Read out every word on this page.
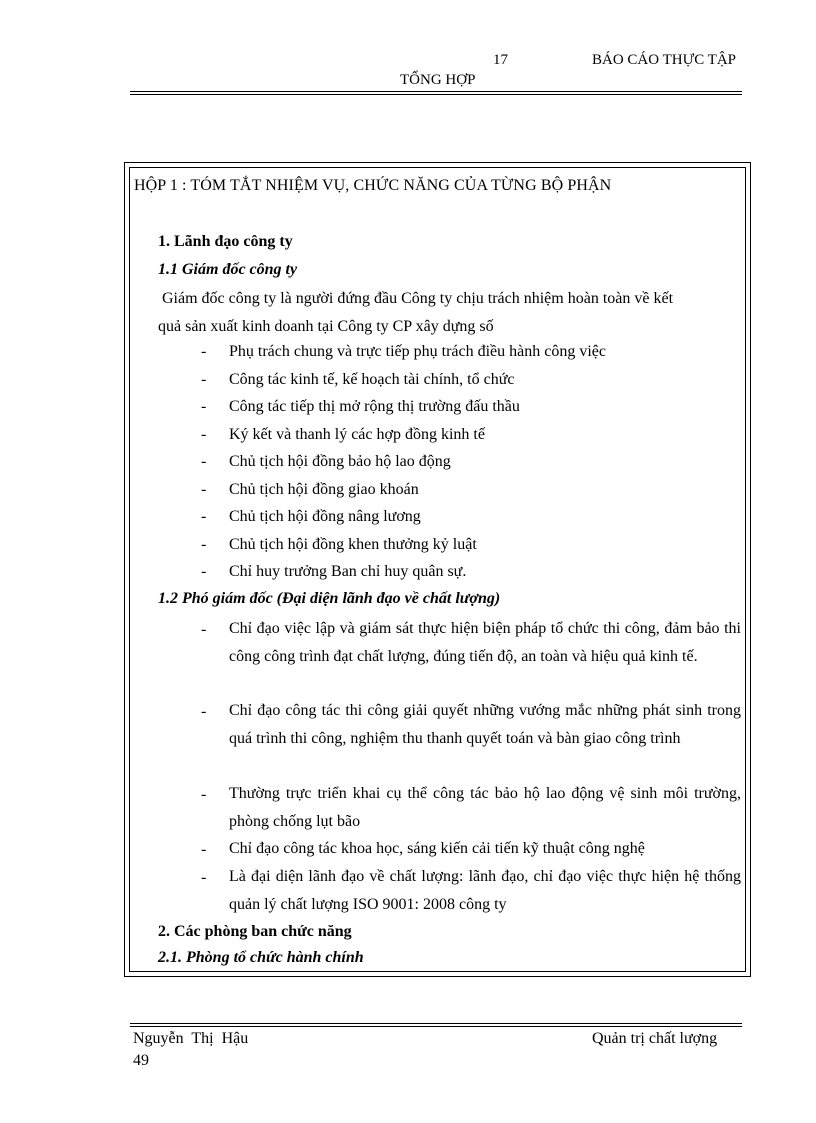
17	BÁO CÁO THỰC TẬP
TỔNG HỢP
HỘP 1 : TÓM TẮT NHIỆM VỤ, CHỨC NĂNG CỦA TỪNG BỘ PHẬN
1. Lãnh đạo công ty
1.1 Giám đốc công ty
Giám đốc công ty là người đứng đầu Công ty chịu trách nhiệm hoàn toàn về kết
quả sản xuất kinh doanh tại Công ty CP xây dựng số
- Phụ trách chung và trực tiếp phụ trách điều hành công việc
- Công tác kinh tế, kế hoạch tài chính, tổ chức
- Công tác tiếp thị mở rộng thị trường đấu thầu
- Ký kết và thanh lý các hợp đồng kinh tế
- Chủ tịch hội đồng bảo hộ lao động
- Chủ tịch hội đồng giao khoán
- Chủ tịch hội đồng nâng lương
- Chủ tịch hội đồng khen thưởng kỷ luật
- Chỉ huy trưởng Ban chỉ huy quân sự.
1.2 Phó giám đốc (Đại diện lãnh đạo về chất lượng)
- Chỉ đạo việc lập và giám sát thực hiện biện pháp tổ chức thi công, đảm bảo thi công công trình đạt chất lượng, đúng tiến độ, an toàn và hiệu quả kinh tế.
- Chỉ đạo công tác thi công giải quyết những vướng mắc những phát sinh trong quá trình thi công, nghiệm thu thanh quyết toán và bàn giao công trình
- Thường trực triển khai cụ thể công tác bảo hộ lao động vệ sinh môi trường, phòng chống lụt bão
- Chỉ đạo công tác khoa học, sáng kiến cải tiến kỹ thuật công nghệ
- Là đại diện lãnh đạo về chất lượng: lãnh đạo, chỉ đạo việc thực hiện hệ thống quản lý chất lượng ISO 9001: 2008 công ty
2. Các phòng ban chức năng
2.1. Phòng tổ chức hành chính
Nguyễn  Thị  Hậu	Quản trị chất lượng
49
